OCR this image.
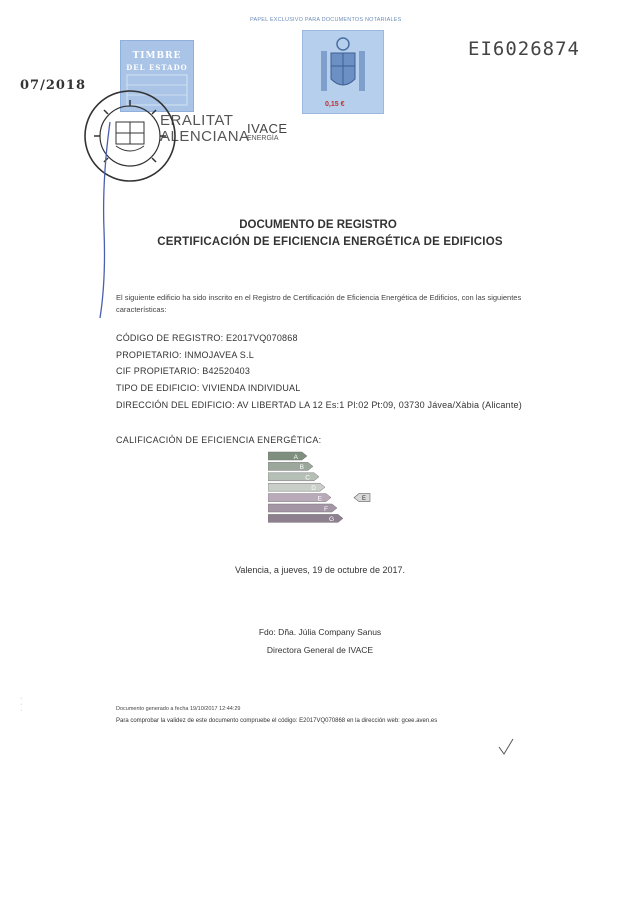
PAPEL EXCLUSIVO PARA DOCUMENTOS NOTARIALES
EI6026874
07/2018
TIMBRE
DEL ESTADO
0,15 €
ERALITAT
ALENCIANA
IVACE
ENERGÍA
DOCUMENTO DE REGISTRO
CERTIFICACIÓN DE EFICIENCIA ENERGÉTICA DE EDIFICIOS
El siguiente edificio ha sido inscrito en el Registro de Certificación de Eficiencia Energética de Edificios, con las siguientes características:
CÓDIGO DE REGISTRO: E2017VQ070868
PROPIETARIO: INMOJAVEA S.L
CIF PROPIETARIO: B42520403
TIPO DE EDIFICIO: VIVIENDA INDIVIDUAL
DIRECCIÓN DEL EDIFICIO: AV LIBERTAD LA 12 Es:1 Pl:02 Pt:09, 03730 Jávea/Xàbia (Alicante)
CALIFICACIÓN DE EFICIENCIA ENERGÉTICA:
A
B
C
D
E	E
F
G
Valencia, a jueves, 19 de octubre de 2017.
Fdo: Dña. Júlia Company Sanus
Directora General de IVACE
Documento generado a fecha 19/10/2017 12:44:29
Para comprobar la validez de este documento compruebe el código: E2017VQ070868 en la dirección web: gcee.aven.es
·
·
·
